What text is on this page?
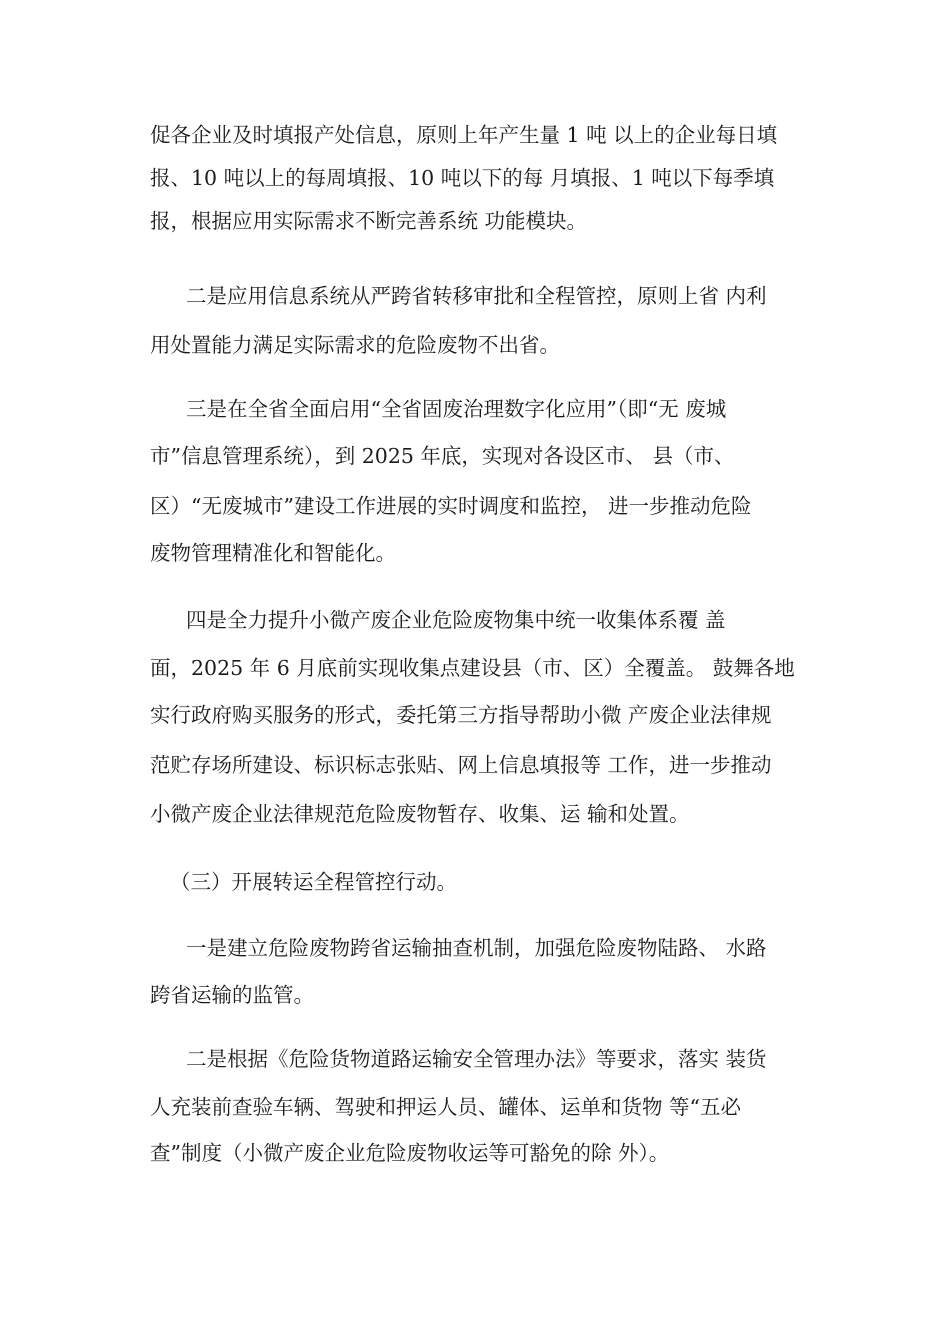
促各企业及时填报产处信息，原则上年产生量 1 吨 以上的企业每日填
报、10 吨以上的每周填报、10 吨以下的每 月填报、1 吨以下每季填
报，根据应用实际需求不断完善系统 功能模块。
二是应用信息系统从严跨省转移审批和全程管控，原则上省 内利
用处置能力满足实际需求的危险废物不出省。
三是在全省全面启用“全省固废治理数字化应用”（即“无 废城
市”信息管理系统），到 2025 年底，实现对各设区市、 县（市、
区）“无废城市”建设工作进展的实时调度和监控， 进一步推动危险
废物管理精准化和智能化。
四是全力提升小微产废企业危险废物集中统一收集体系覆 盖
面，2025 年 6 月底前实现收集点建设县（市、区）全覆盖。 鼓舞各地
实行政府购买服务的形式，委托第三方指导帮助小微 产废企业法律规
范贮存场所建设、标识标志张贴、网上信息填报等 工作，进一步推动
小微产废企业法律规范危险废物暂存、收集、运 输和处置。
（三）开展转运全程管控行动。
一是建立危险废物跨省运输抽查机制，加强危险废物陆路、 水路
跨省运输的监管。
二是根据《危险货物道路运输安全管理办法》等要求，落实 装货
人充装前查验车辆、驾驶和押运人员、罐体、运单和货物 等“五必
查”制度（小微产废企业危险废物收运等可豁免的除 外）。
